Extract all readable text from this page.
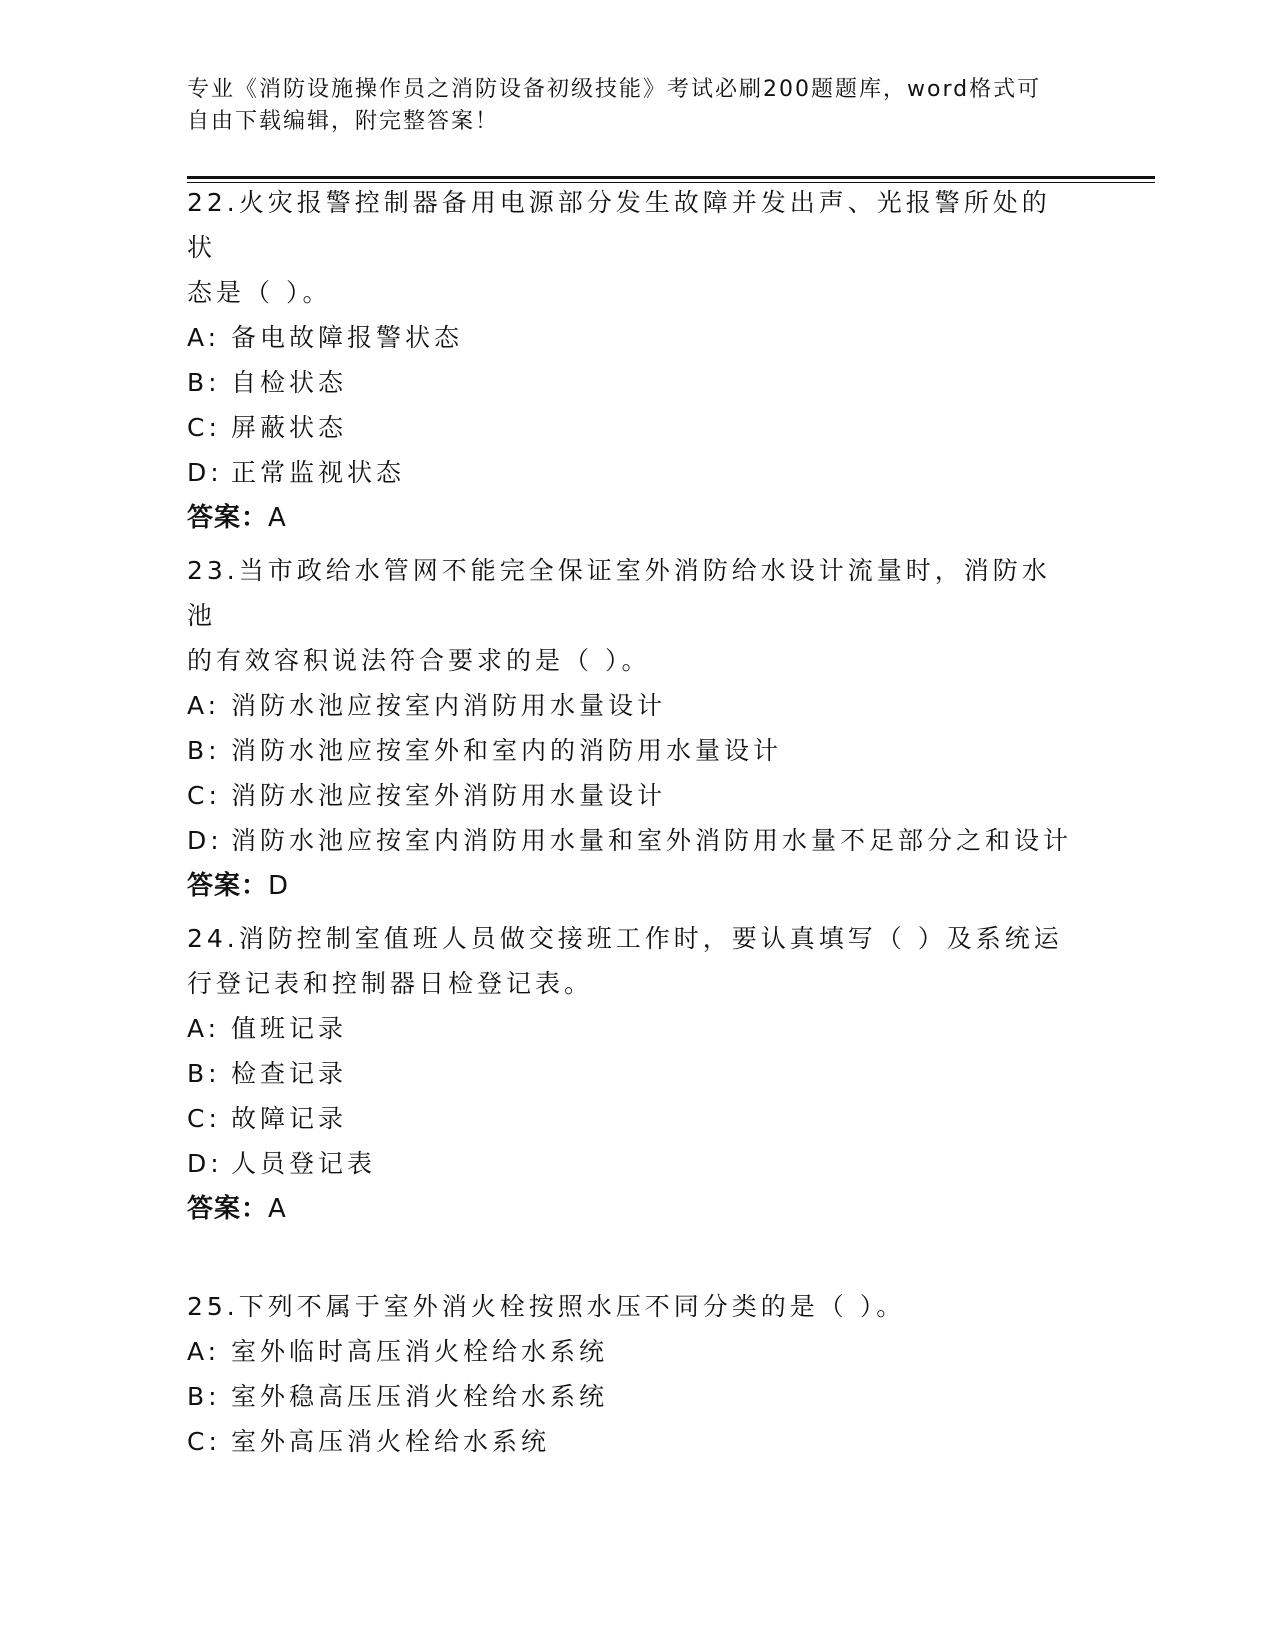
专业《消防设施操作员之消防设备初级技能》考试必刷200题题库，word格式可
自由下载编辑，附完整答案！

22.火灾报警控制器备用电源部分发生故障并发出声、光报警所处的状

态是（ ）。

A: 备电故障报警状态

B: 自检状态

C: 屏蔽状态

D: 正常监视状态

答案：A

23.当市政给水管网不能完全保证室外消防给水设计流量时，消防水池

的有效容积说法符合要求的是（ ）。

A: 消防水池应按室内消防用水量设计

B: 消防水池应按室外和室内的消防用水量设计

C: 消防水池应按室外消防用水量设计

D: 消防水池应按室内消防用水量和室外消防用水量不足部分之和设计

答案：D

24.消防控制室值班人员做交接班工作时，要认真填写（ ）及系统运

行登记表和控制器日检登记表。

A: 值班记录

B: 检查记录

C: 故障记录

D: 人员登记表

答案：A

25.下列不属于室外消火栓按照水压不同分类的是（ ）。

A: 室外临时高压消火栓给水系统

B: 室外稳高压压消火栓给水系统

C: 室外高压消火栓给水系统
